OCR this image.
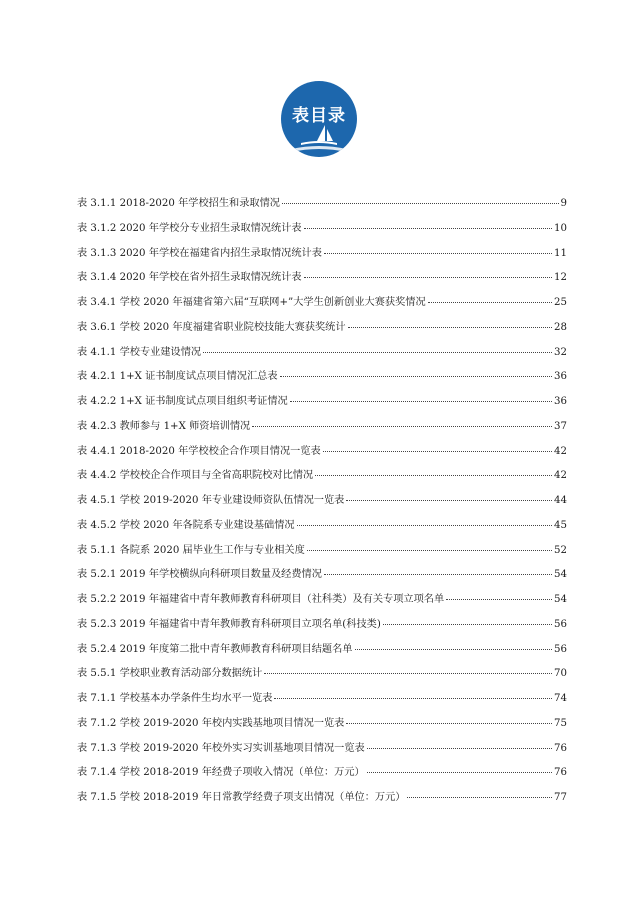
表目录
表 3.1.1 2018-2020 年学校招生和录取情况	9
表 3.1.2 2020 年学校分专业招生录取情况统计表	10
表 3.1.3 2020 年学校在福建省内招生录取情况统计表	11
表 3.1.4 2020 年学校在省外招生录取情况统计表	12
表 3.4.1 学校 2020 年福建省第六届“互联网+”大学生创新创业大赛获奖情况	25
表 3.6.1 学校 2020 年度福建省职业院校技能大赛获奖统计	28
表 4.1.1 学校专业建设情况	32
表 4.2.1 1+X 证书制度试点项目情况汇总表	36
表 4.2.2 1+X 证书制度试点项目组织考证情况	36
表 4.2.3 教师参与 1+X 师资培训情况	37
表 4.4.1 2018-2020 年学校校企合作项目情况一览表	42
表 4.4.2 学校校企合作项目与全省高职院校对比情况	42
表 4.5.1 学校 2019-2020 年专业建设师资队伍情况一览表	44
表 4.5.2 学校 2020 年各院系专业建设基础情况	45
表 5.1.1 各院系 2020 届毕业生工作与专业相关度	52
表 5.2.1 2019 年学校横纵向科研项目数量及经费情况	54
表 5.2.2 2019 年福建省中青年教师教育科研项目（社科类）及有关专项立项名单	54
表 5.2.3 2019 年福建省中青年教师教育科研项目立项名单(科技类)	56
表 5.2.4 2019 年度第二批中青年教师教育科研项目结题名单	56
表 5.5.1 学校职业教育活动部分数据统计	70
表 7.1.1 学校基本办学条件生均水平一览表	74
表 7.1.2 学校 2019-2020 年校内实践基地项目情况一览表	75
表 7.1.3 学校 2019-2020 年校外实习实训基地项目情况一览表	76
表 7.1.4 学校 2018-2019 年经费子项收入情况（单位：万元）	76
表 7.1.5 学校 2018-2019 年日常教学经费子项支出情况（单位：万元）	77
